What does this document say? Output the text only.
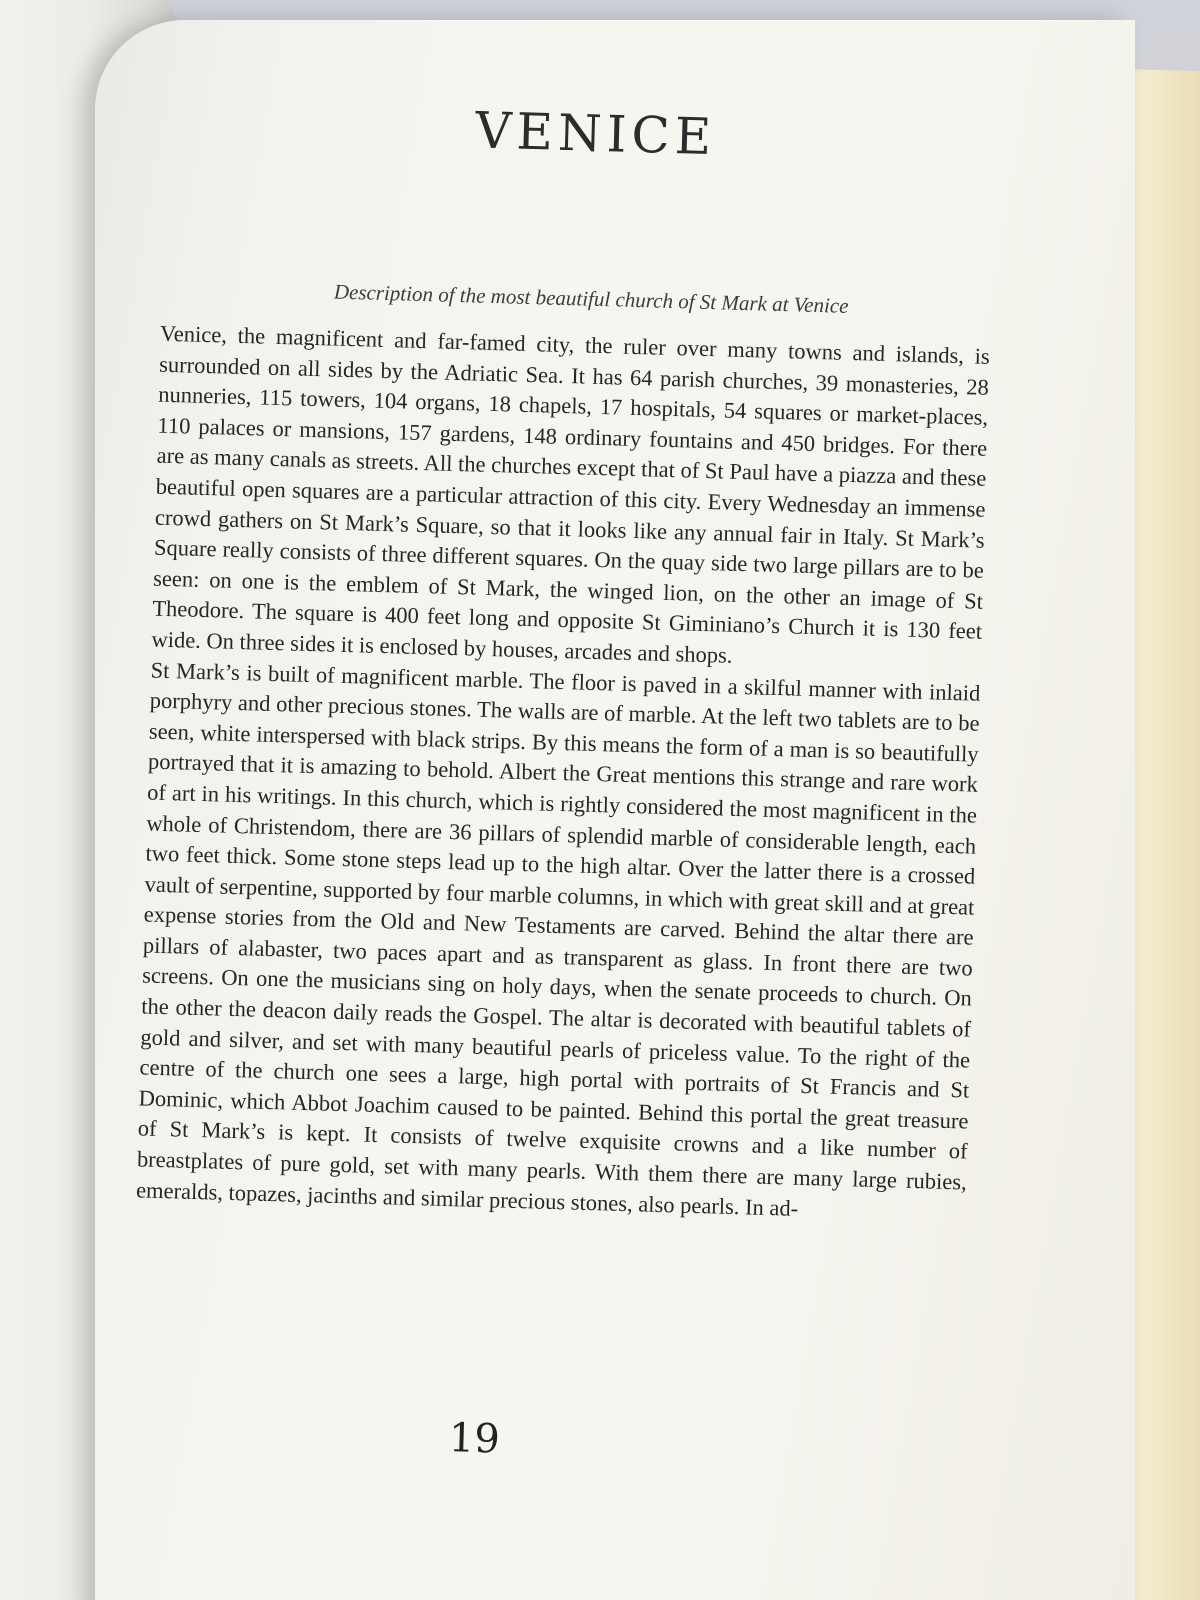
VENICE

Description of the most beautiful church of St Mark at Venice

Venice, the magnificent and far-famed city, the ruler over many towns and islands, is surrounded on all sides by the Adriatic Sea. It has 64 parish churches, 39 monasteries, 28 nunneries, 115 towers, 104 organs, 18 chapels, 17 hospitals, 54 squares or market-places, 110 palaces or mansions, 157 gardens, 148 ordinary fountains and 450 bridges. For there are as many canals as streets. All the churches except that of St Paul have a piazza and these beautiful open squares are a particular attraction of this city. Every Wednesday an immense crowd gathers on St Mark’s Square, so that it looks like any annual fair in Italy. St Mark’s Square really consists of three different squares. On the quay side two large pillars are to be seen: on one is the emblem of St Mark, the winged lion, on the other an image of St Theodore. The square is 400 feet long and opposite St Giminiano’s Church it is 130 feet wide. On three sides it is enclosed by houses, arcades and shops.

St Mark’s is built of magnificent marble. The floor is paved in a skilful manner with inlaid porphyry and other precious stones. The walls are of marble. At the left two tablets are to be seen, white interspersed with black strips. By this means the form of a man is so beautifully portrayed that it is amazing to behold. Albert the Great mentions this strange and rare work of art in his writings. In this church, which is rightly considered the most magnificent in the whole of Christendom, there are 36 pillars of splendid marble of considerable length, each two feet thick. Some stone steps lead up to the high altar. Over the latter there is a crossed vault of serpentine, supported by four marble columns, in which with great skill and at great expense stories from the Old and New Testaments are carved. Behind the altar there are pillars of alabaster, two paces apart and as transparent as glass. In front there are two screens. On one the musicians sing on holy days, when the senate proceeds to church. On the other the deacon daily reads the Gospel. The altar is decorated with beautiful tablets of gold and silver, and set with many beautiful pearls of priceless value. To the right of the centre of the church one sees a large, high portal with portraits of St Francis and St Dominic, which Abbot Joachim caused to be painted. Behind this portal the great treasure of St Mark’s is kept. It consists of twelve exquisite crowns and a like number of breastplates of pure gold, set with many pearls. With them there are many large rubies, emeralds, topazes, jacinths and similar precious stones, also pearls. In ad-

19
